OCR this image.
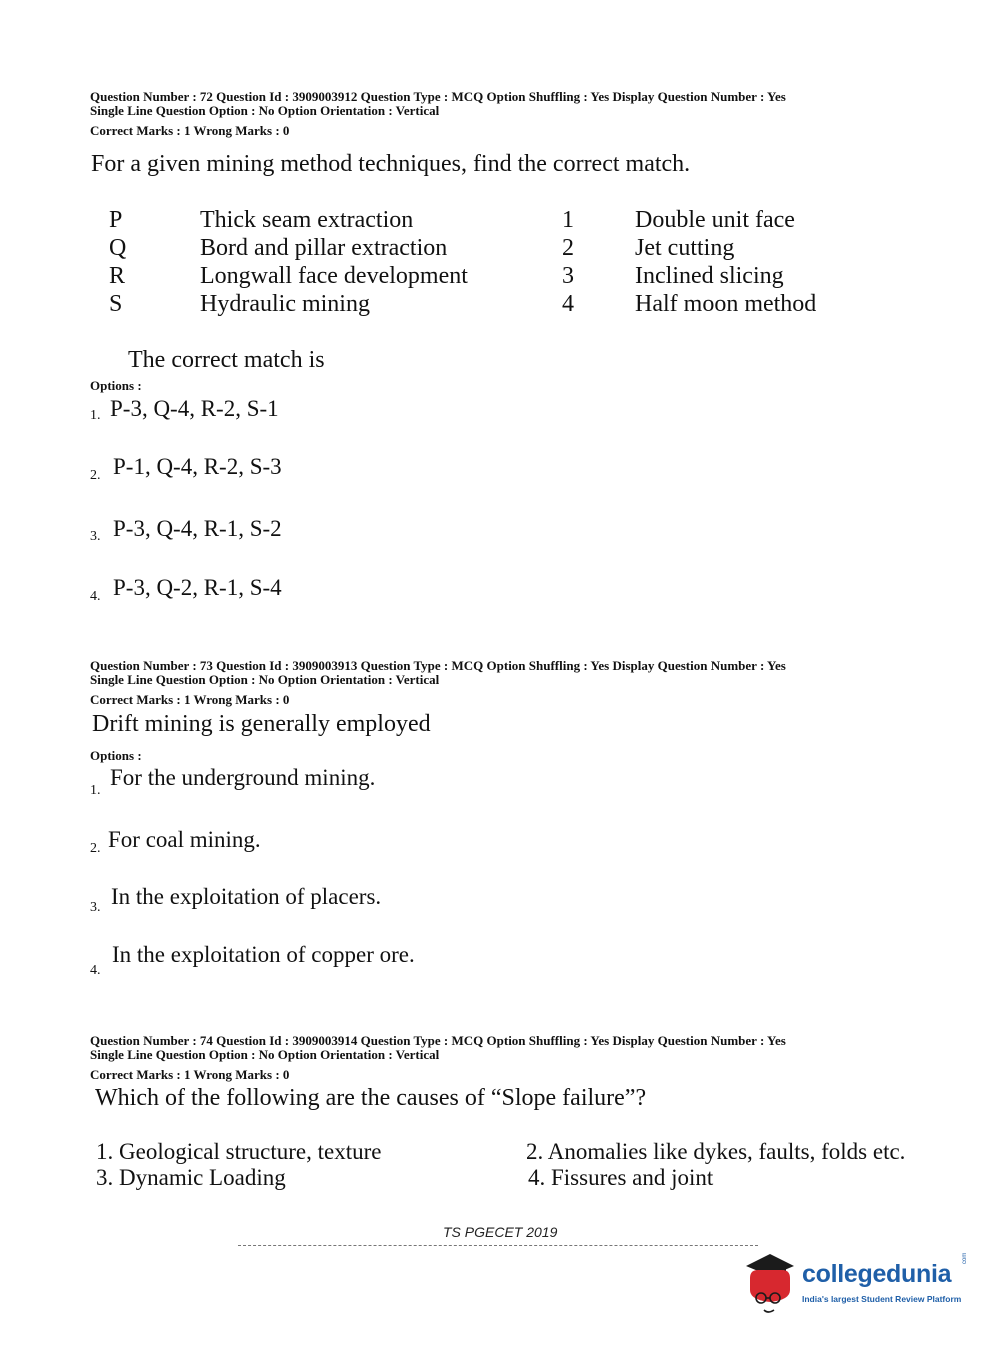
Question Number : 72 Question Id : 3909003912 Question Type : MCQ Option Shuffling : Yes Display Question Number : Yes
Single Line Question Option : No Option Orientation : Vertical
Correct Marks : 1 Wrong Marks : 0
For a given mining method techniques, find the correct match.
P
Q
R
S
Thick seam extraction
Bord and pillar extraction
Longwall face development
Hydraulic mining
1
2
3
4
Double unit face
Jet cutting
Inclined slicing
Half moon method
The correct match is
Options :
1. P-3, Q-4, R-2, S-1
2. P-1, Q-4, R-2, S-3
3. P-3, Q-4, R-1, S-2
4. P-3, Q-2, R-1, S-4
Question Number : 73 Question Id : 3909003913 Question Type : MCQ Option Shuffling : Yes Display Question Number : Yes
Single Line Question Option : No Option Orientation : Vertical
Correct Marks : 1 Wrong Marks : 0
Drift mining is generally employed
Options :
1.
For the underground mining.
2. For coal mining.
3. In the exploitation of placers.
4.
In the exploitation of copper ore.
Question Number : 74 Question Id : 3909003914 Question Type : MCQ Option Shuffling : Yes Display Question Number : Yes
Single Line Question Option : No Option Orientation : Vertical
Correct Marks : 1 Wrong Marks : 0
Which of the following are the causes of “Slope failure”?
1. Geological structure, texture	2. Anomalies like dykes, faults, folds etc.
3. Dynamic Loading	4. Fissures and joint
TS PGECET 2019
collegedunia
com
India's largest Student Review Platform
